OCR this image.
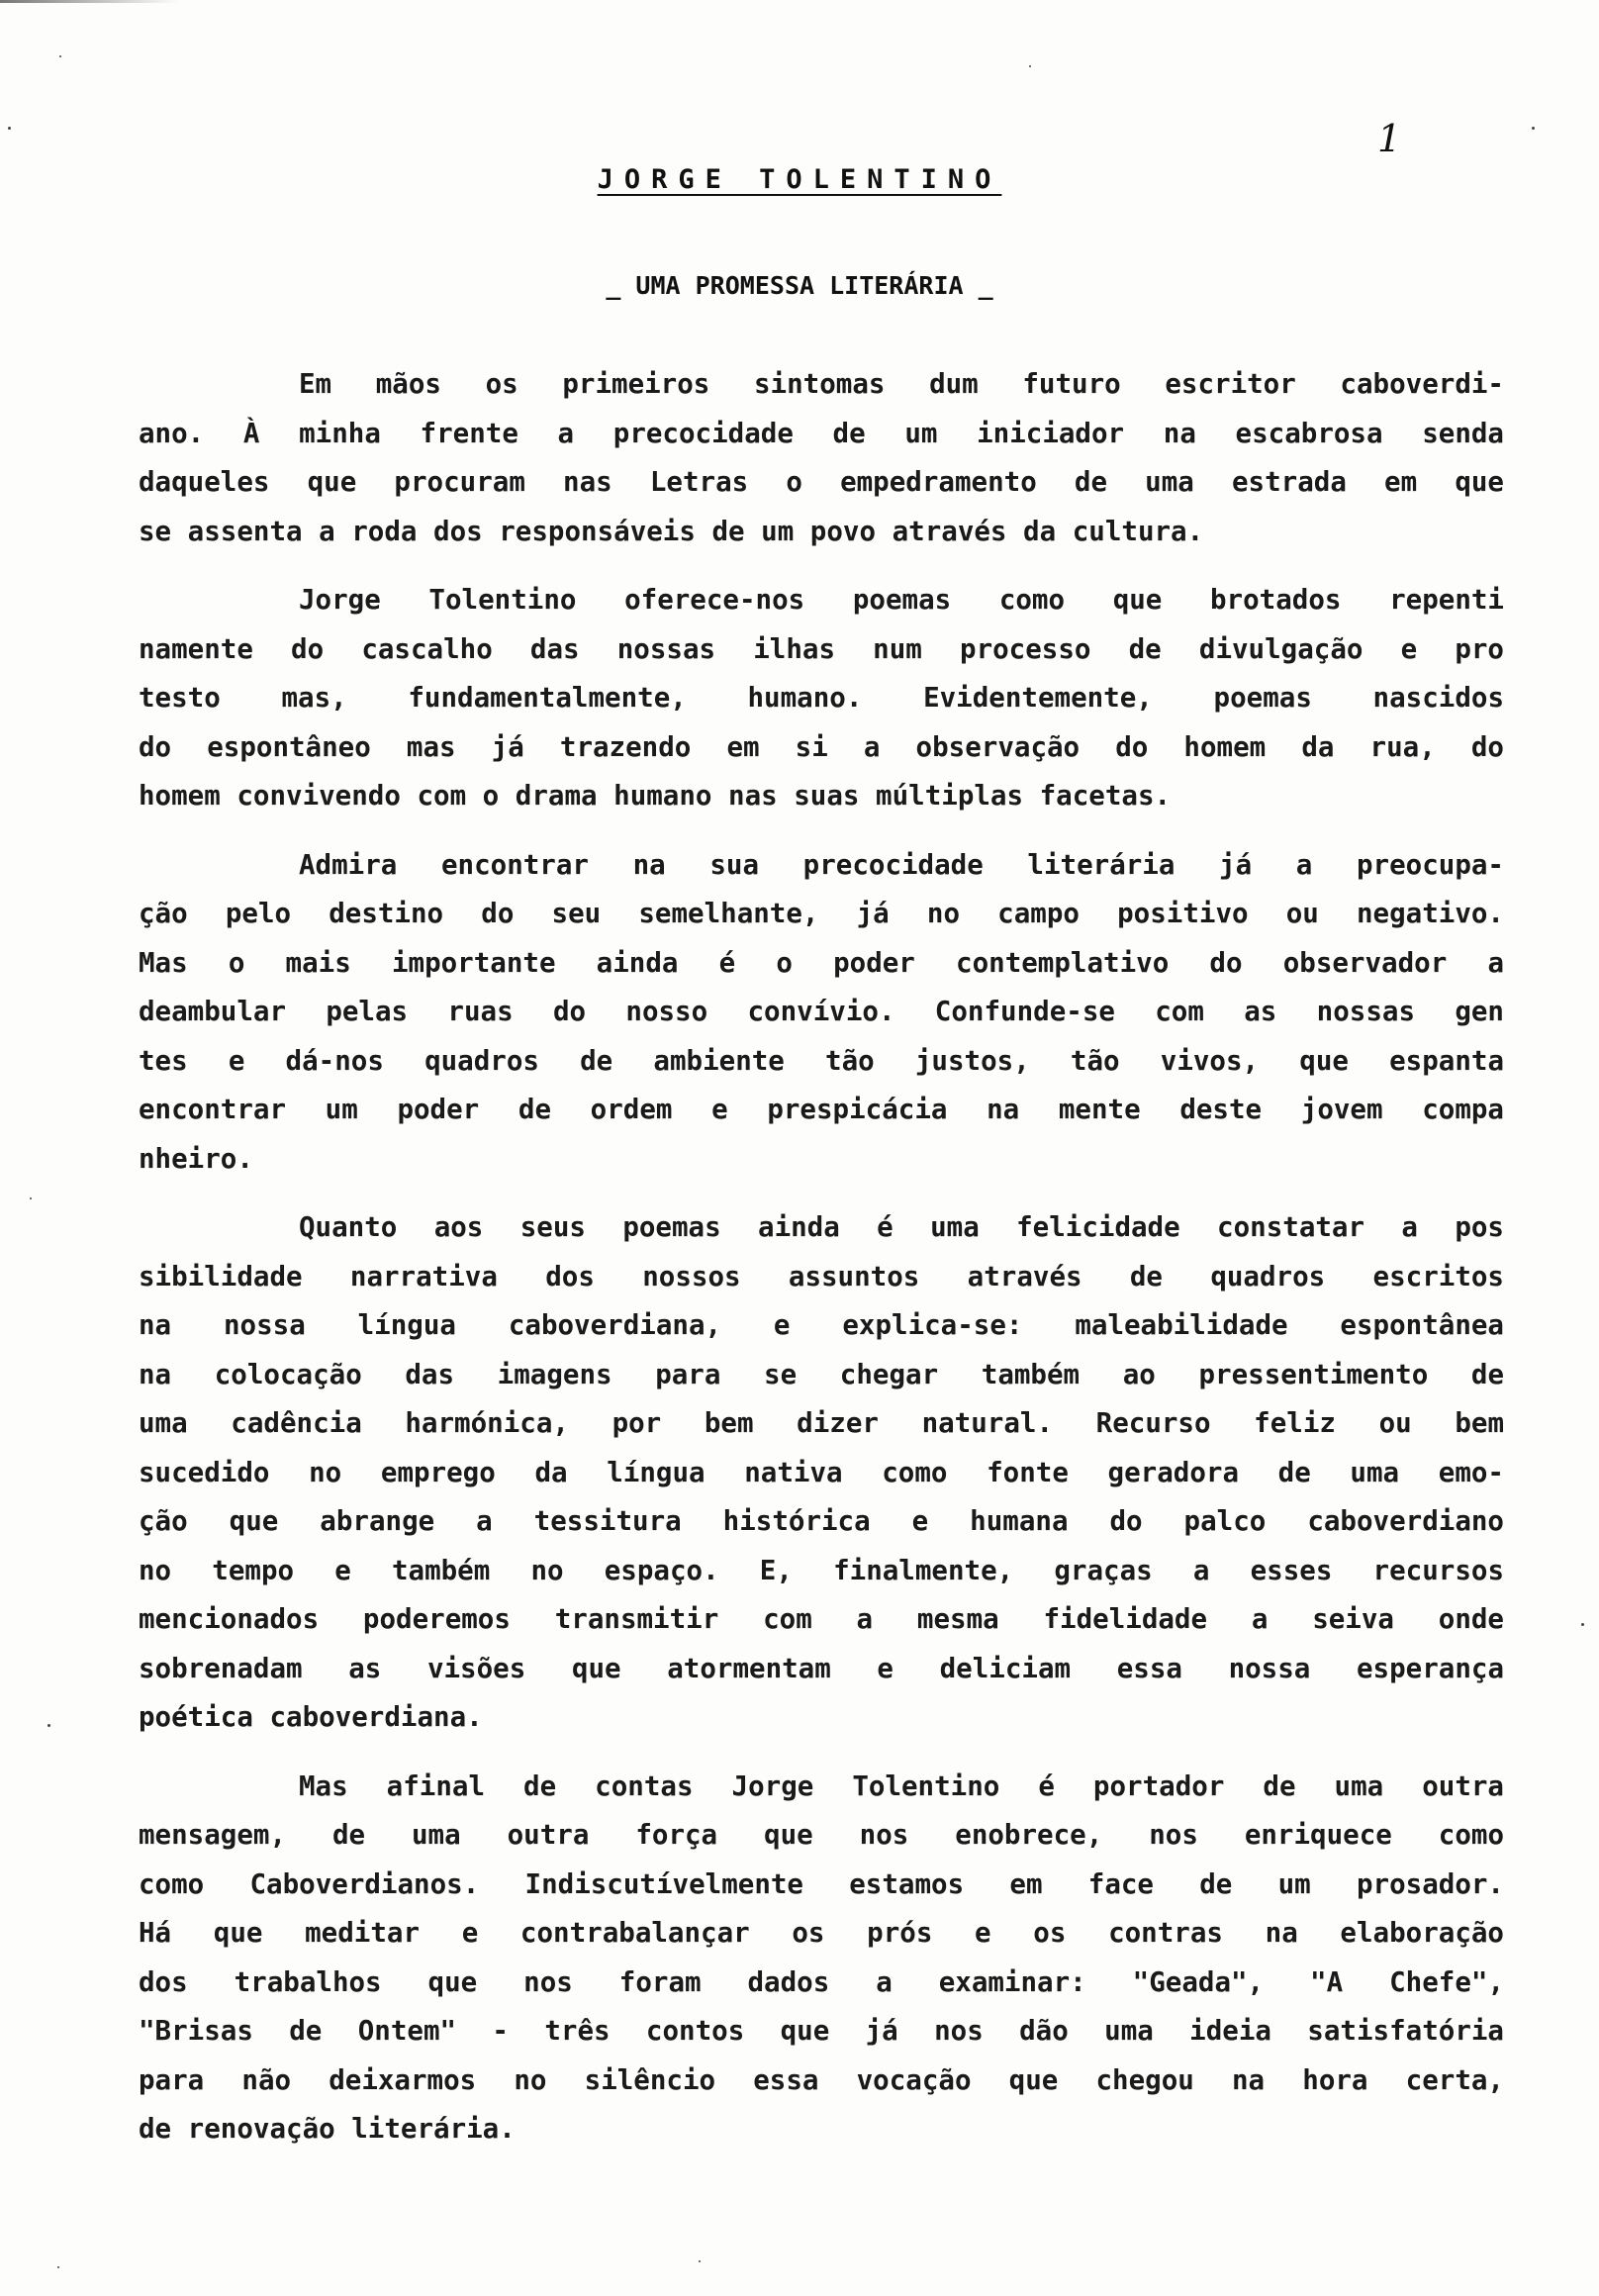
1
JORGE TOLENTINO
_ UMA PROMESSA LITERÁRIA _
Em mãos os primeiros sintomas dum futuro escritor caboverdi-
ano. À minha frente a precocidade de um iniciador na escabrosa senda
daqueles que procuram nas Letras o empedramento de uma estrada em que
se assenta a roda dos responsáveis de um povo através da cultura.
Jorge Tolentino oferece-nos poemas como que brotados repenti
namente do cascalho das nossas ilhas num processo de divulgação e pro
testo mas, fundamentalmente, humano. Evidentemente, poemas nascidos
do espontâneo mas já trazendo em si a observação do homem da rua, do
homem convivendo com o drama humano nas suas múltiplas facetas.
Admira encontrar na sua precocidade literária já a preocupa-
ção pelo destino do seu semelhante, já no campo positivo ou negativo.
Mas o mais importante ainda é o poder contemplativo do observador a
deambular pelas ruas do nosso convívio. Confunde-se com as nossas gen
tes e dá-nos quadros de ambiente tão justos, tão vivos, que espanta
encontrar um poder de ordem e prespicácia na mente deste jovem compa
nheiro.
Quanto aos seus poemas ainda é uma felicidade constatar a pos
sibilidade narrativa dos nossos assuntos através de quadros escritos
na nossa língua caboverdiana, e explica-se: maleabilidade espontânea
na colocação das imagens para se chegar também ao pressentimento de
uma cadência harmónica, por bem dizer natural. Recurso feliz ou bem
sucedido no emprego da língua nativa como fonte geradora de uma emo-
ção que abrange a tessitura histórica e humana do palco caboverdiano
no tempo e também no espaço. E, finalmente, graças a esses recursos
mencionados poderemos transmitir com a mesma fidelidade a seiva onde
sobrenadam as visões que atormentam e deliciam essa nossa esperança
poética caboverdiana.
Mas afinal de contas Jorge Tolentino é portador de uma outra
mensagem, de uma outra força que nos enobrece, nos enriquece como
como Caboverdianos. Indiscutívelmente estamos em face de um prosador.
Há que meditar e contrabalançar os prós e os contras na elaboração
dos trabalhos que nos foram dados a examinar: "Geada", "A Chefe",
"Brisas de Ontem" - três contos que já nos dão uma ideia satisfatória
para não deixarmos no silêncio essa vocação que chegou na hora certa,
de renovação literária.
